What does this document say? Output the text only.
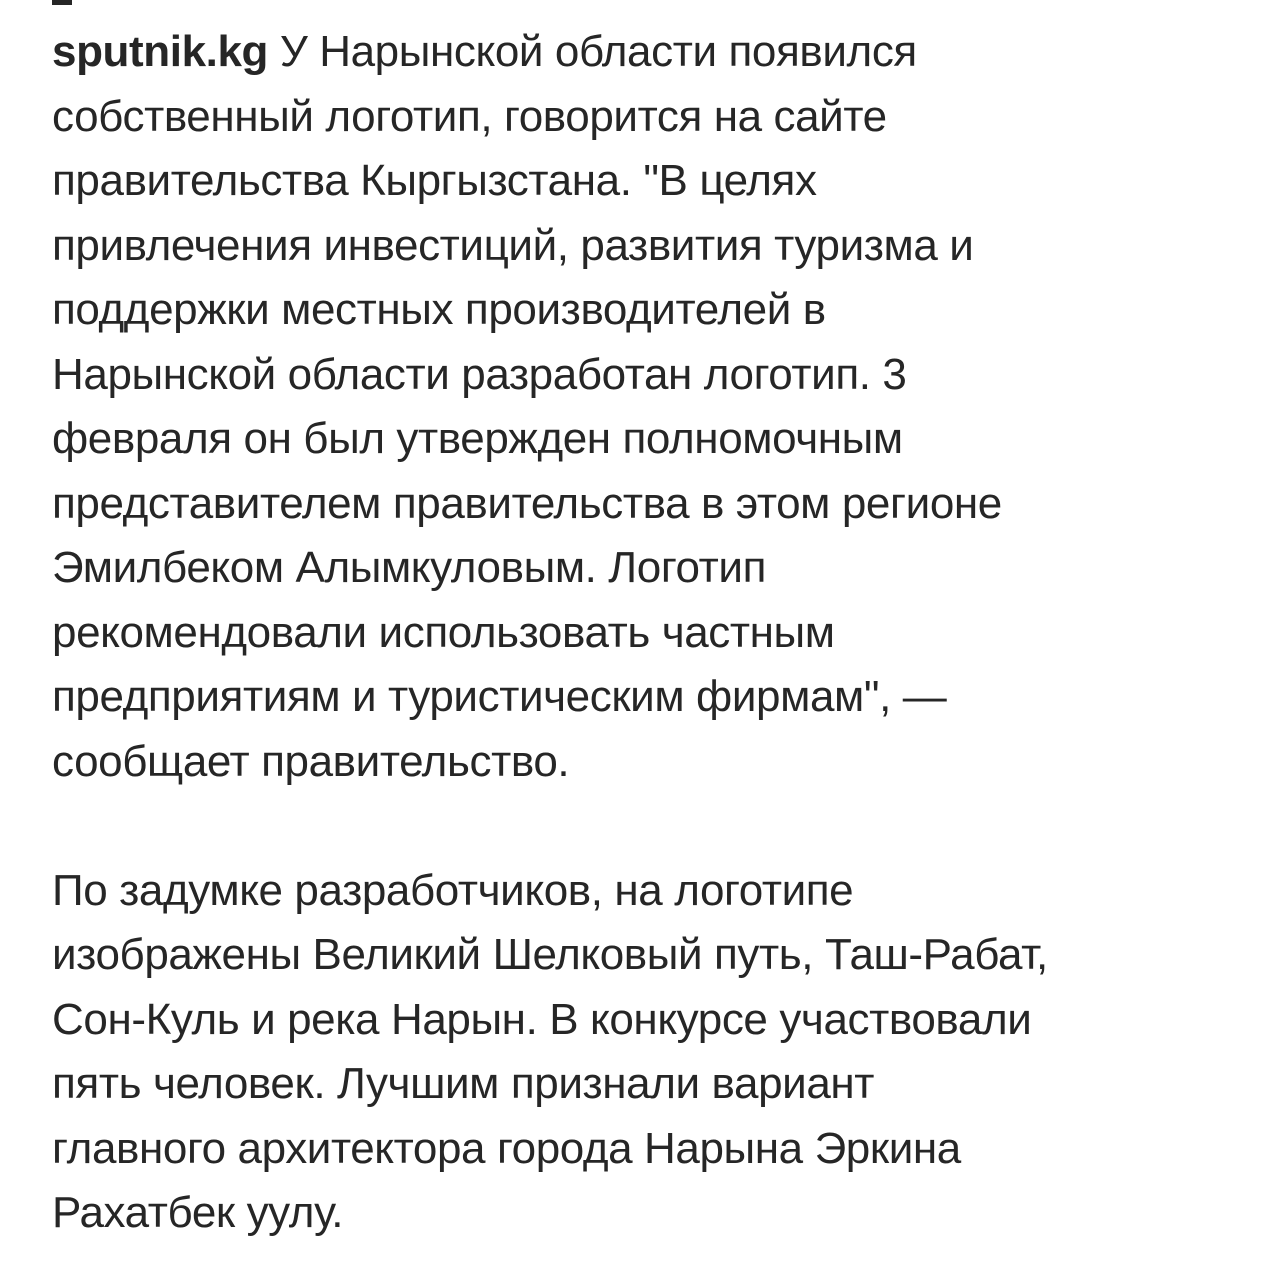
sputnik.kg У Нарынской области появился

собственный логотип, говорится на сайте

правительства Кыргызстана. "В целях

привлечения инвестиций, развития туризма и

поддержки местных производителей в

Нарынской области разработан логотип. 3

февраля он был утвержден полномочным

представителем правительства в этом регионе

Эмилбеком Алымкуловым. Логотип

рекомендовали использовать частным

предприятиям и туристическим фирмам", —

сообщает правительство.

По задумке разработчиков, на логотипе

изображены Великий Шелковый путь, Таш-Рабат,

Сон-Куль и река Нарын. В конкурсе участвовали

пять человек. Лучшим признали вариант

главного архитектора города Нарына Эркина

Рахатбек уулу.
